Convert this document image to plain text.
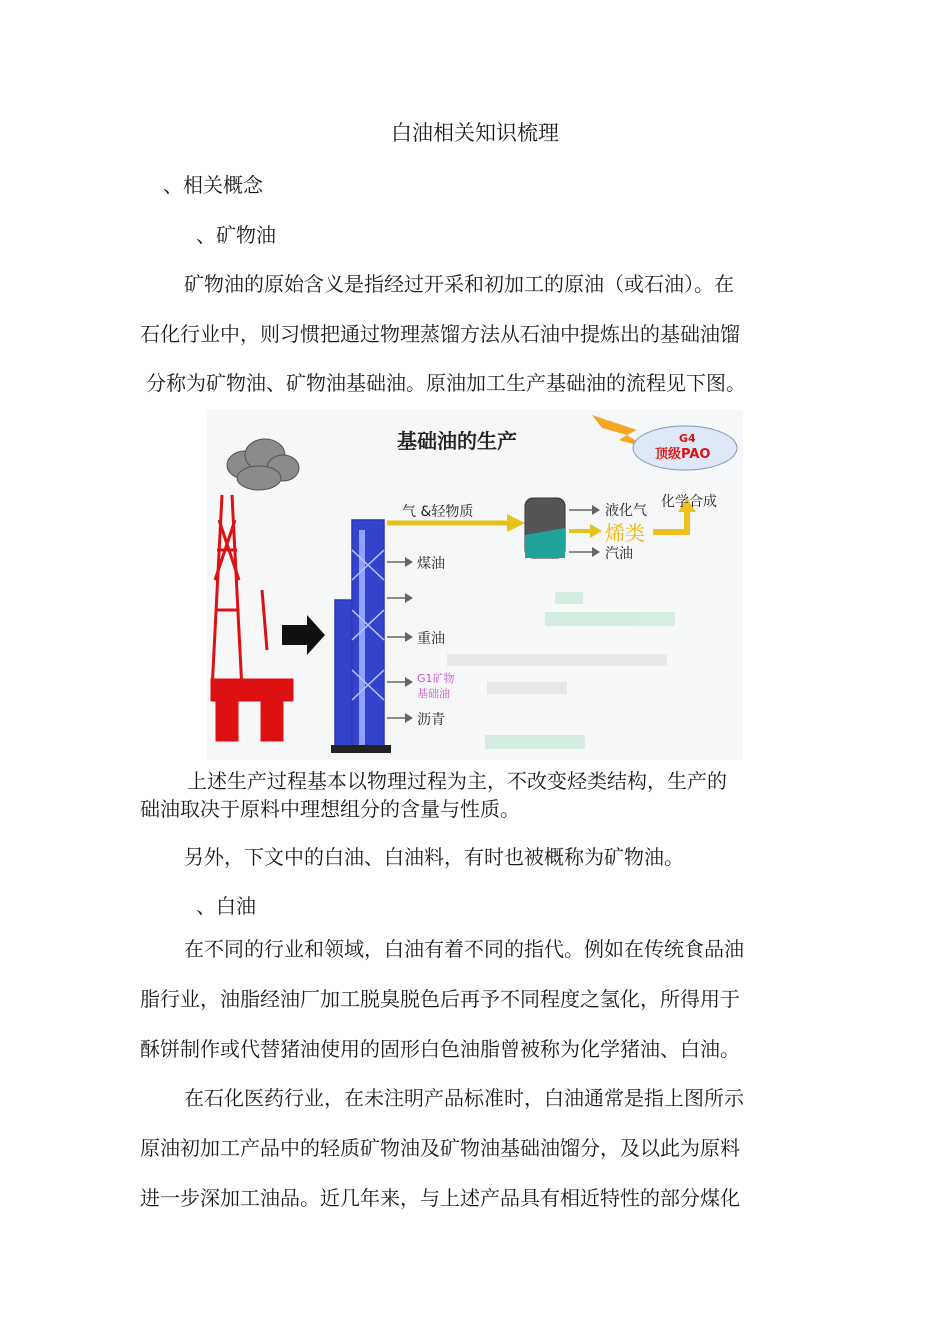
白油相关知识梳理
、相关概念
、矿物油
矿物油的原始含义是指经过开采和初加工的原油（或石油）。在
石化行业中，则习惯把通过物理蒸馏方法从石油中提炼出的基础油馏
分称为矿物油、矿物油基础油。原油加工生产基础油的流程见下图。
基础油的生产
气 &轻物质	液化气
烯类
汽油
化学合成
G4
顶级PAO
煤油
重油
G1矿物
基础油
沥青
上述生产过程基本以物理过程为主，不改变烃类结构，生产的
础油取决于原料中理想组分的含量与性质。
另外，下文中的白油、白油料，有时也被概称为矿物油。
、白油
在不同的行业和领域，白油有着不同的指代。例如在传统食品油
脂行业，油脂经油厂加工脱臭脱色后再予不同程度之氢化，所得用于
酥饼制作或代替猪油使用的固形白色油脂曾被称为化学猪油、白油。
在石化医药行业，在未注明产品标准时，白油通常是指上图所示
原油初加工产品中的轻质矿物油及矿物油基础油馏分，及以此为原料
进一步深加工油品。近几年来，与上述产品具有相近特性的部分煤化
